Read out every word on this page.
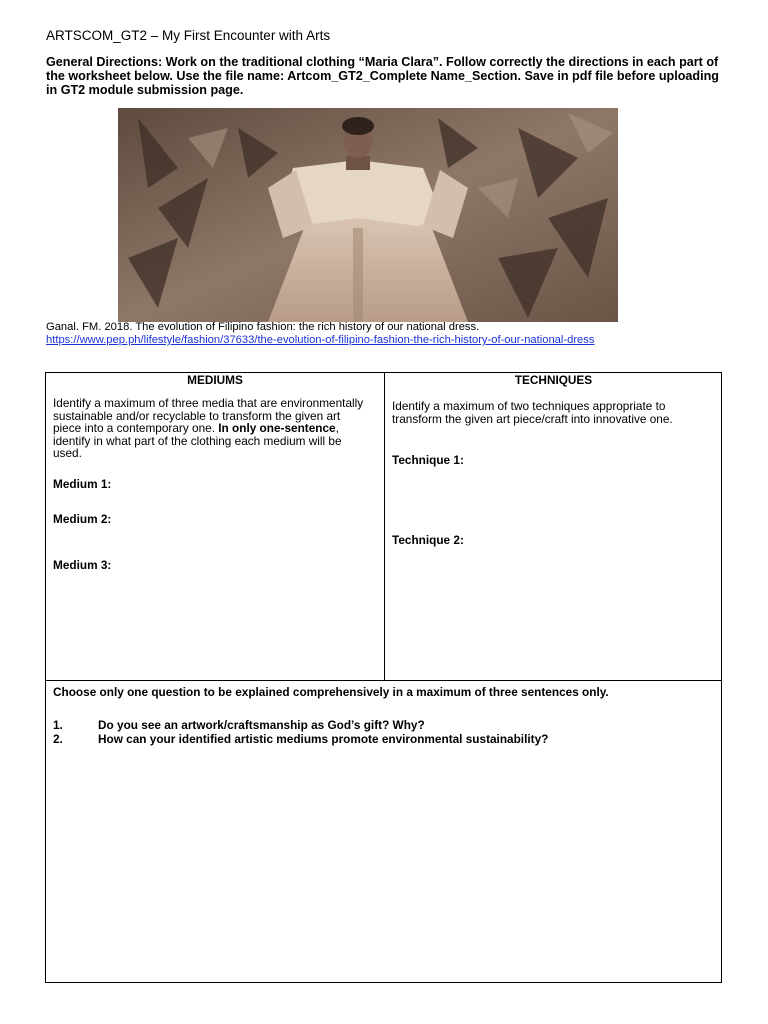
ARTSCOM_GT2 – My First Encounter with Arts

General Directions: Work on the traditional clothing “Maria Clara”. Follow correctly the directions in each part of the worksheet below. Use the file name: Artcom_GT2_Complete Name_Section. Save in pdf file before uploading in GT2 module submission page.

Ganal. FM. 2018. The evolution of Filipino fashion: the rich history of our national dress.
https://www.pep.ph/lifestyle/fashion/37633/the-evolution-of-filipino-fashion-the-rich-history-of-our-national-dress
MEDIUMS	TECHNIQUES
Identify a maximum of three media that are environmentally sustainable and/or recyclable to transform the given art piece into a contemporary one. In only one-sentence, identify in what part of the clothing each medium will be used.
Medium 1:
Medium 2:
Medium 3:
Identify a maximum of two techniques appropriate to transform the given art piece/craft into innovative one.
Technique 1:
Technique 2:
Choose only one question to be explained comprehensively in a maximum of three sentences only.
1.	Do you see an artwork/craftsmanship as God’s gift? Why?
2.	How can your identified artistic mediums promote environmental sustainability?
